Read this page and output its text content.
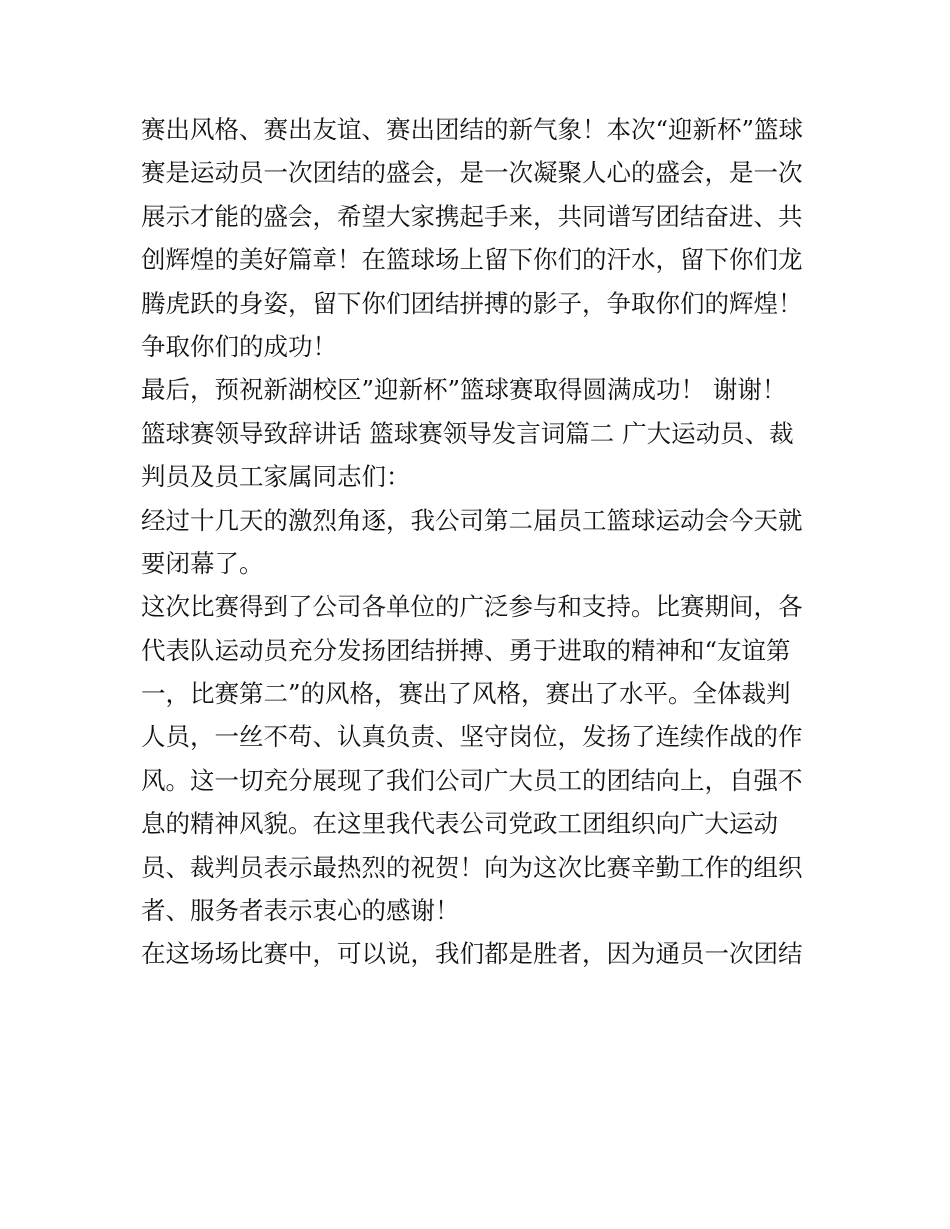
赛出风格、赛出友谊、赛出团结的新气象！本次“迎新杯”篮球
赛是运动员一次团结的盛会，是一次凝聚人心的盛会，是一次
展示才能的盛会，希望大家携起手来，共同谱写团结奋进、共
创辉煌的美好篇章！在篮球场上留下你们的汗水，留下你们龙
腾虎跃的身姿，留下你们团结拼搏的影子，争取你们的辉煌！
争取你们的成功！
最后，预祝新湖校区”迎新杯”篮球赛取得圆满成功！ 谢谢！
篮球赛领导致辞讲话 篮球赛领导发言词篇二 广大运动员、裁
判员及员工家属同志们：
经过十几天的激烈角逐，我公司第二届员工篮球运动会今天就
要闭幕了。
这次比赛得到了公司各单位的广泛参与和支持。比赛期间，各
代表队运动员充分发扬团结拼搏、勇于进取的精神和“友谊第
一，比赛第二”的风格，赛出了风格，赛出了水平。全体裁判
人员，一丝不苟、认真负责、坚守岗位，发扬了连续作战的作
风。这一切充分展现了我们公司广大员工的团结向上，自强不
息的精神风貌。在这里我代表公司党政工团组织向广大运动
员、裁判员表示最热烈的祝贺！向为这次比赛辛勤工作的组织
者、服务者表示衷心的感谢！
在这场场比赛中，可以说，我们都是胜者，因为通员一次团结
